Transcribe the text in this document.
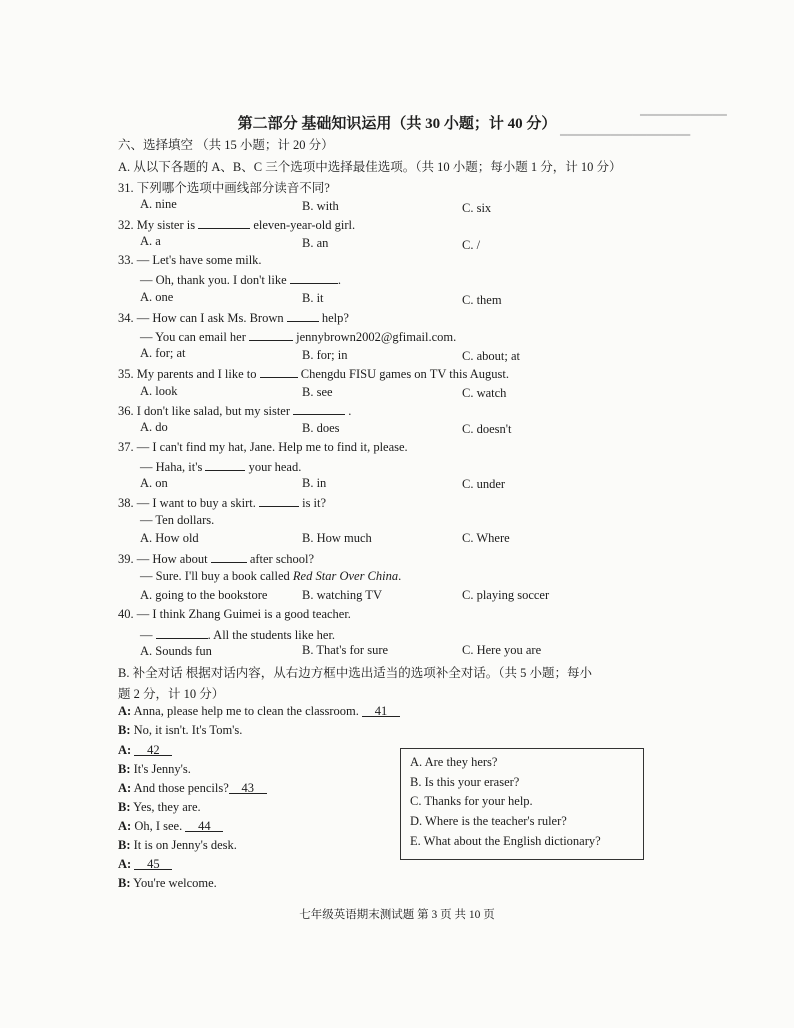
━━━━━━━━━━━━
━━━━━━━━━━━━━━━━━━
第二部分 基础知识运用（共 30 小题；计 40 分）
六、选择填空 （共 15 小题；计 20 分）
A. 从以下各题的 A、B、C 三个选项中选择最佳选项。（共 10 小题；每小题 1 分，计 10 分）
31. 下列哪个选项中画线部分读音不同?
A. nine	B. with	C. six
32. My sister is	eleven-year-old girl.
A. a	B. an	C. /
33. — Let's have some milk.
— Oh, thank you. I don't like	.
A. one	B. it	C. them
34. — How can I ask Ms. Brown	help?
— You can email her	jennybrown2002@gfimail.com.
A. for; at	B. for; in	C. about; at
35. My parents and I like to	Chengdu FISU games on TV this August.
A. look	B. see	C. watch
36. I don't like salad, but my sister	.
A. do	B. does	C. doesn't
37. — I can't find my hat, Jane. Help me to find it, please.
— Haha, it's	your head.
A. on	B. in	C. under
38. — I want to buy a skirt.	is it?
— Ten dollars.
A. How old	B. How much	C. Where
39. — How about	after school?
— Sure. I'll buy a book called Red Star Over China.
A. going to the bookstore	B. watching TV	C. playing soccer
40. — I think Zhang Guimei is a good teacher.
—	. All the students like her.
A. Sounds fun	B. That's for sure	C. Here you are
B. 补全对话 根据对话内容，从右边方框中选出适当的选项补全对话。（共 5 小题；每小
题 2 分，计 10 分）
A: Anna, please help me to clean the classroom. 41
B: No, it isn't. It's Tom's.
A: 42
B: It's Jenny's.
A: And those pencils? 43
B: Yes, they are.
A: Oh, I see. 44
B: It is on Jenny's desk.
A: 45
B: You're welcome.
A. Are they hers?
B. Is this your eraser?
C. Thanks for your help.
D. Where is the teacher's ruler?
E. What about the English dictionary?
七年级英语期末测试题 第 3 页 共 10 页
